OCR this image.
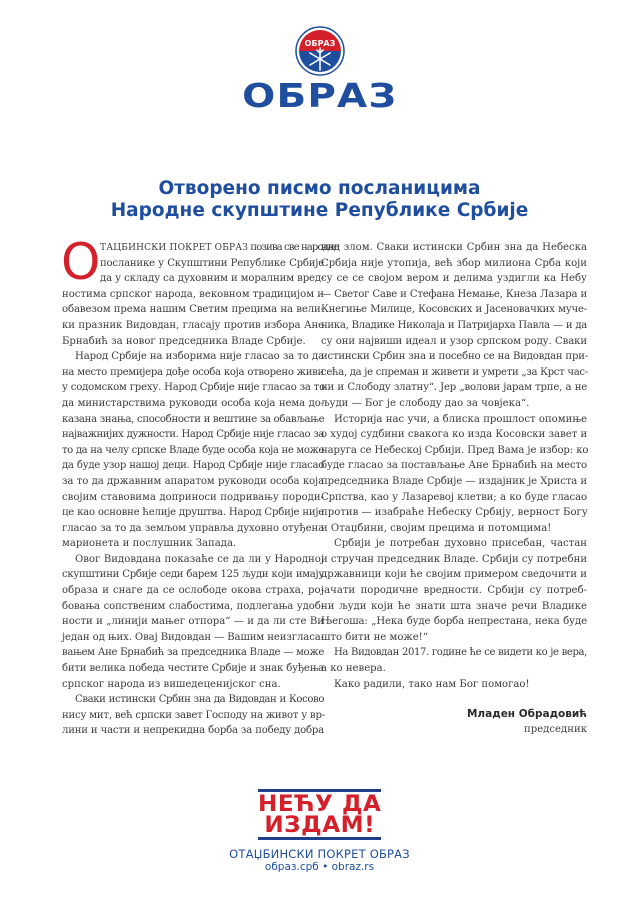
ОБРАЗ
ОБРАЗ
Отворено писмо посланицима
Народне скупштине Републике Србије
ТАЦБИНСКИ ПОКРЕТ ОБРАЗ позива све народне
посланике у Скупштини Републике Србије
да у складу са духовним и моралним вред-
ностима српског народа, вековном традицијом и
обавезом према нашим Светим прецима на вели-
ки празник Видовдан, гласају против избора Ане
Брнабић за новог председника Владе Србије.
Народ Србије на изборима није гласао за то да
на место премијера дође особа која отворено живи
у содомском греху. Народ Србије није гласао за то
да министарствима руководи особа која нема до-
казана знања, способности и вештине за обављање
најважнијих дужности. Народ Србије није гласао за
то да на челу српске Владе буде особа која не може
да буде узор нашој деци. Народ Србије није гласао
за то да државним апаратом руководи особа која
својим ставовима доприноси подривању породи-
це као основне ћелије друштва. Народ Србије није
гласао за то да земљом управља духовно отуђена
марионета и послушник Запада.
Овог Видовдана показаће се да ли у Народној
скупштини Србије седи барем 125 људи који имају
образа и снаге да се ослободе окова страха, ро-
бовања сопственим слабостима, подлегања удоб-
ности и „линији мањег отпора“ — и да ли сте Ви
један од њих. Овај Видовдан — Вашим неизгласа-
вањем Ане Брнабић за председника Владе — може
бити велика победа честите Србије и знак буђења
српског народа из вишедеценијског сна.
Сваки истински Србин зна да Видовдан и Косово
нису мит, већ српски завет Господу на живот у вр-
лини и части и непрекидна борба за победу добра
О	над злом. Сваки истински Србин зна да Небеска
Србија није утопија, већ збор милиона Срба који
су се се својом вером и делима уздигли ка Небу
— Светог Саве и Стефана Немање, Кнеза Лазара и
Кнегиње Милице, Косовских и Јасеновачких муче-
ника, Владике Николаја и Патријарха Павла — и да
су они највиши идеал и узор српском роду. Сваки
истински Србин зна и посебно се на Видовдан при-
сећа, да је спреман и живети и умрети „за Крст час-
ни и Слободу златну“. Јер „волови јарам трпе, а не
људи — Бог је слободу дао за човјека“.
Историја нас учи, а блиска прошлост опомиње
о худој судбини свакога ко изда Косовски завет и
наруга се Небеској Србији. Пред Вама је избор: ко
буде гласао за постављање Ане Брнабић на место
председника Владе Србије — издајник је Христа и
Српства, као у Лазаревој клетви; а ко буде гласао
против — изабраће Небеску Србију, верност Богу
и Отаџбини, својим прецима и потомцима!
Србији је потребан духовно присебан, частан
и стручан председник Владе. Србији су потребни
државници који ће својим примером сведочити и
јачати породичне вредности. Србији су потреб-
ни људи који ће знати шта значе речи Владике
Његоша: „Нека буде борба непрестана, нека буде
што бити не може!“
На Видовдан 2017. године ће се видети ко је вера,
а ко невера.
Како радили, тако нам Бог помогао!
Младен Обрадовић
председник
НЕЋУ ДА
ИЗДАМ!
ОТАЏБИНСКИ ПОКРЕТ ОБРАЗ
образ.срб • obraz.rs
